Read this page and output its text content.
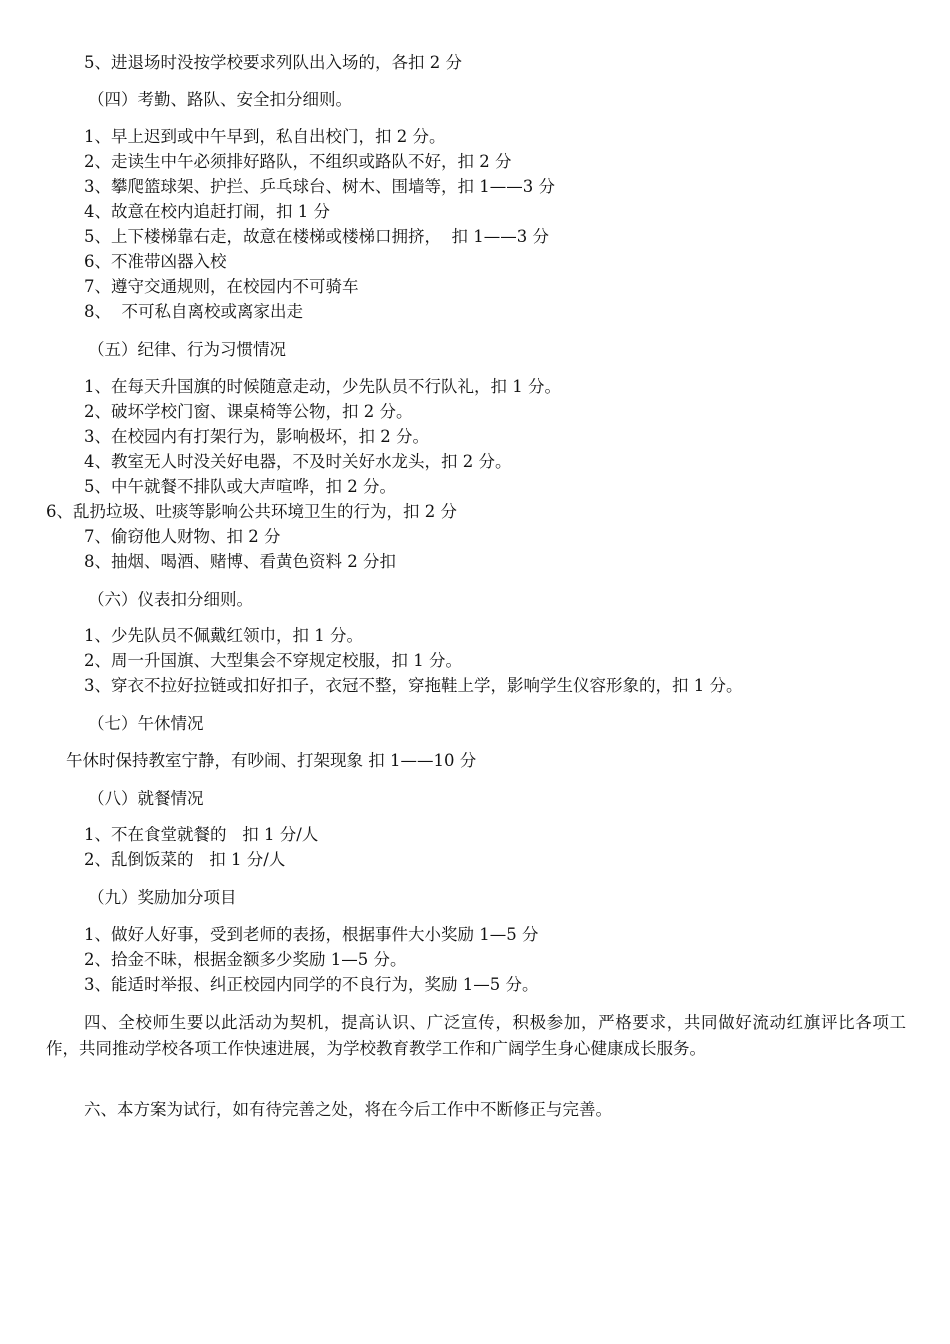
5、进退场时没按学校要求列队出入场的，各扣 2 分
（四）考勤、路队、安全扣分细则。
1、早上迟到或中午早到，私自出校门，扣 2 分。
2、走读生中午必须排好路队，不组织或路队不好，扣 2 分
3、攀爬篮球架、护拦、乒乓球台、树木、围墙等，扣 1——3 分
4、故意在校内追赶打闹，扣 1 分
5、上下楼梯靠右走，故意在楼梯或楼梯口拥挤，  扣 1——3 分
6、不准带凶器入校
7、遵守交通规则，在校园内不可骑车
8、  不可私自离校或离家出走
（五）纪律、行为习惯情况
1、在每天升国旗的时候随意走动，少先队员不行队礼，扣 1 分。
2、破坏学校门窗、课桌椅等公物，扣 2 分。
3、在校园内有打架行为，影响极坏，扣 2 分。
4、教室无人时没关好电器，不及时关好水龙头，扣 2 分。
5、中午就餐不排队或大声喧哗，扣 2 分。
6、乱扔垃圾、吐痰等影响公共环境卫生的行为，扣 2 分
7、偷窃他人财物、扣 2 分
8、抽烟、喝酒、赌博、看黄色资料 2 分扣
（六）仪表扣分细则。
1、少先队员不佩戴红领巾，扣 1 分。
2、周一升国旗、大型集会不穿规定校服，扣 1 分。
3、穿衣不拉好拉链或扣好扣子，衣冠不整，穿拖鞋上学，影响学生仪容形象的，扣 1 分。
（七）午休情况
午休时保持教室宁静，有吵闹、打架现象 扣 1——10 分
（八）就餐情况
1、不在食堂就餐的   扣 1 分/人
2、乱倒饭菜的   扣 1 分/人
（九）奖励加分项目
1、做好人好事，受到老师的表扬，根据事件大小奖励 1—5 分
2、拾金不昧，根据金额多少奖励 1—5 分。
3、能适时举报、纠正校园内同学的不良行为，奖励 1—5 分。
四、全校师生要以此活动为契机，提高认识、广泛宣传，积极参加，严格要求，共同做好流动红旗评比各项工作，共同推动学校各项工作快速进展，为学校教育教学工作和广阔学生身心健康成长服务。
六、本方案为试行，如有待完善之处，将在今后工作中不断修正与完善。
